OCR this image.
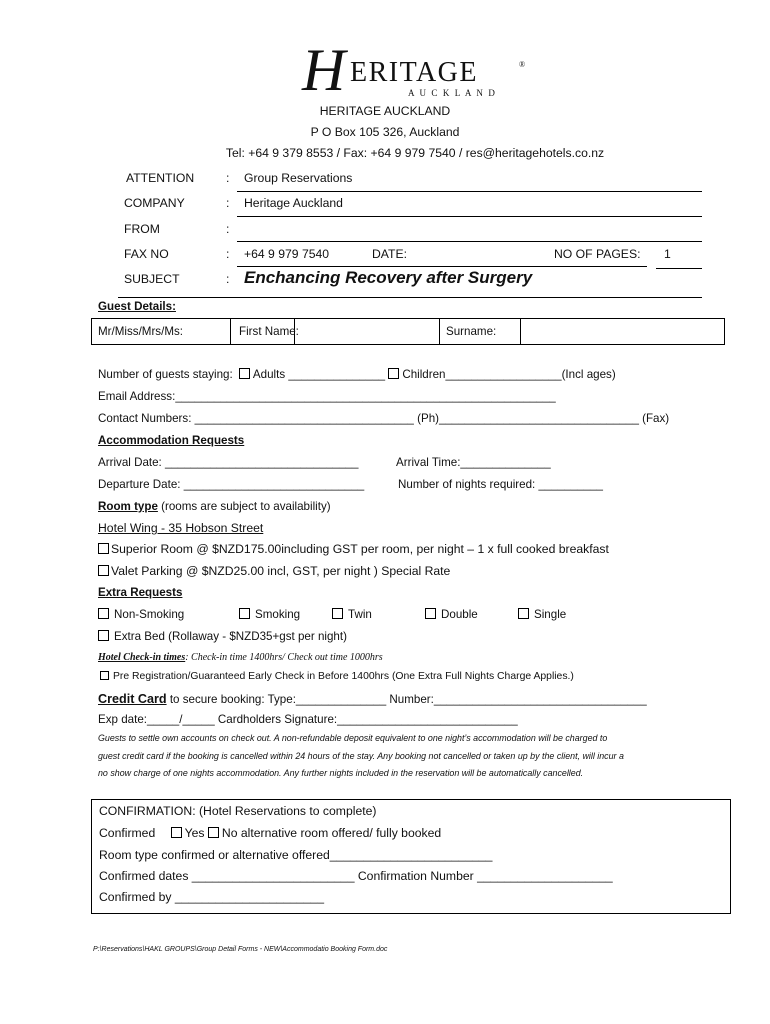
H ERITAGE	®
A U C K L A N D
HERITAGE AUCKLAND
P O Box 105 326, Auckland
Tel: +64 9 379 8553 / Fax: +64 9 979 7540 / res@heritagehotels.co.nz
ATTENTION	: Group Reservations
COMPANY	: Heritage Auckland
FROM	:
FAX NO	: +64 9 979 7540	DATE:	NO OF PAGES: 1
SUBJECT	: Enchancing Recovery after Surgery
Guest Details:
Mr/Miss/Mrs/Ms:	First Name:	Surname:
Number of guests staying: Adults _______________ Children__________________(Incl ages)
Email Address:___________________________________________________________
Contact Numbers: __________________________________ (Ph)_______________________________ (Fax)
Accommodation Requests
Arrival Date: ______________________________	Arrival Time:______________
Departure Date: ____________________________	Number of nights required: __________
Room type (rooms are subject to availability)
Hotel Wing - 35 Hobson Street
Superior Room @ $NZD175.00including GST per room, per night – 1 x full cooked breakfast
Valet Parking @ $NZD25.00 incl, GST, per night ) Special Rate
Extra Requests
Non-Smoking	Smoking	Twin	Double	Single
Extra Bed (Rollaway - $NZD35+gst per night)
Hotel Check-in times: Check-in time 1400hrs/ Check out time 1000hrs
Pre Registration/Guaranteed Early Check in Before 1400hrs (One Extra Full Nights Charge Applies.)
Credit Card to secure booking: Type:______________ Number:_________________________________
Exp date:_____/_____ Cardholders Signature:____________________________
Guests to settle own accounts on check out. A non-refundable deposit equivalent to one night’s accommodation will be charged to
guest credit card if the booking is cancelled within 24 hours of the stay. Any booking not cancelled or taken up by the client, will incur a
no show charge of one nights accommodation. Any further nights included in the reservation will be automatically cancelled.
CONFIRMATION: (Hotel Reservations to complete)
Confirmed Yes No alternative room offered/ fully booked
Room type confirmed or alternative offered________________________
Confirmed dates ________________________ Confirmation Number ____________________
Confirmed by ______________________
P:\Reservations\HAKL GROUPS\Group Detail Forms - NEW\Accommodatio Booking Form.doc
